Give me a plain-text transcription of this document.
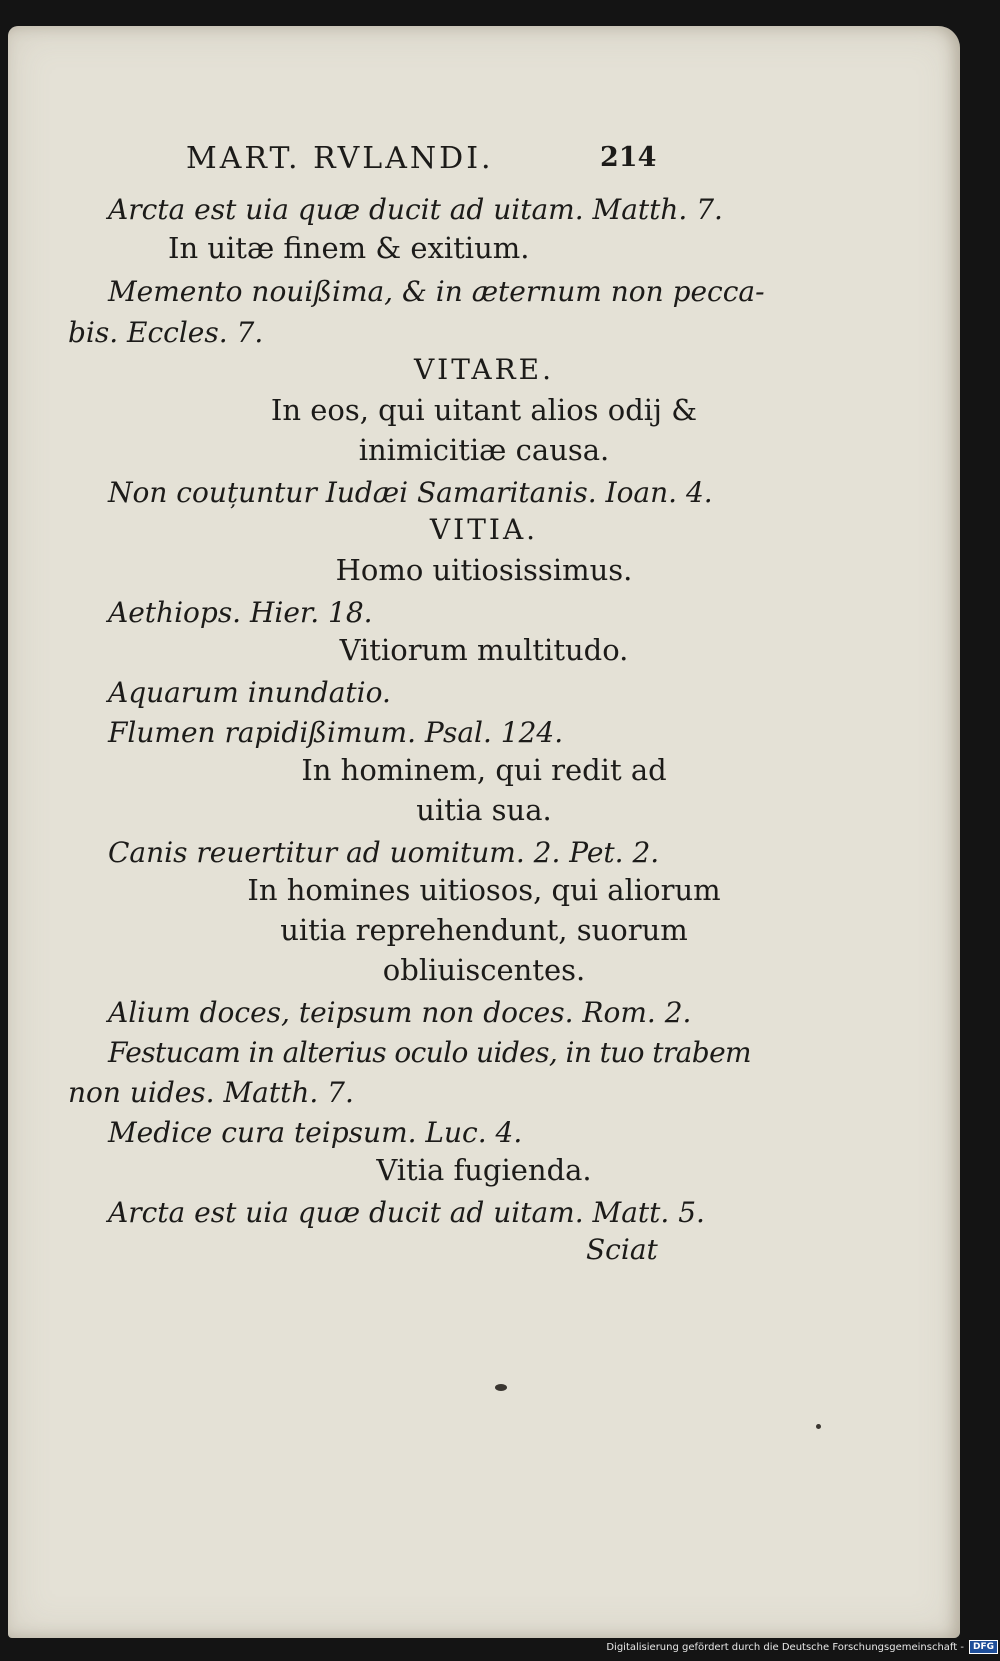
MART. RVLANDI.	214
Arcta est uia quæ ducit ad uitam. Matth. 7.
In uitæ finem & exitium.
Memento nouißima, & in æternum non pecca-
bis. Eccles. 7.
VITARE.
In eos, qui uitant alios odij &
inimicitiæ causa.
Non couțuntur Iudæi Samaritanis. Ioan. 4.
VITIA.
Homo uitiosissimus.
Aethiops. Hier. 18.
Vitiorum multitudo.
Aquarum inundatio.
Flumen rapidißimum. Psal. 124.
In hominem, qui redit ad
uitia sua.
Canis reuertitur ad uomitum. 2. Pet. 2.
In homines uitiosos, qui aliorum
uitia reprehendunt, suorum
obliuiscentes.
Alium doces, teipsum non doces. Rom. 2.
Festucam in alterius oculo uides, in tuo trabem
non uides. Matth. 7.
Medice cura teipsum. Luc. 4.
Vitia fugienda.
Arcta est uia quæ ducit ad uitam. Matt. 5.
Sciat
Digitalisierung gefördert durch die Deutsche Forschungsgemeinschaft -	DFG
